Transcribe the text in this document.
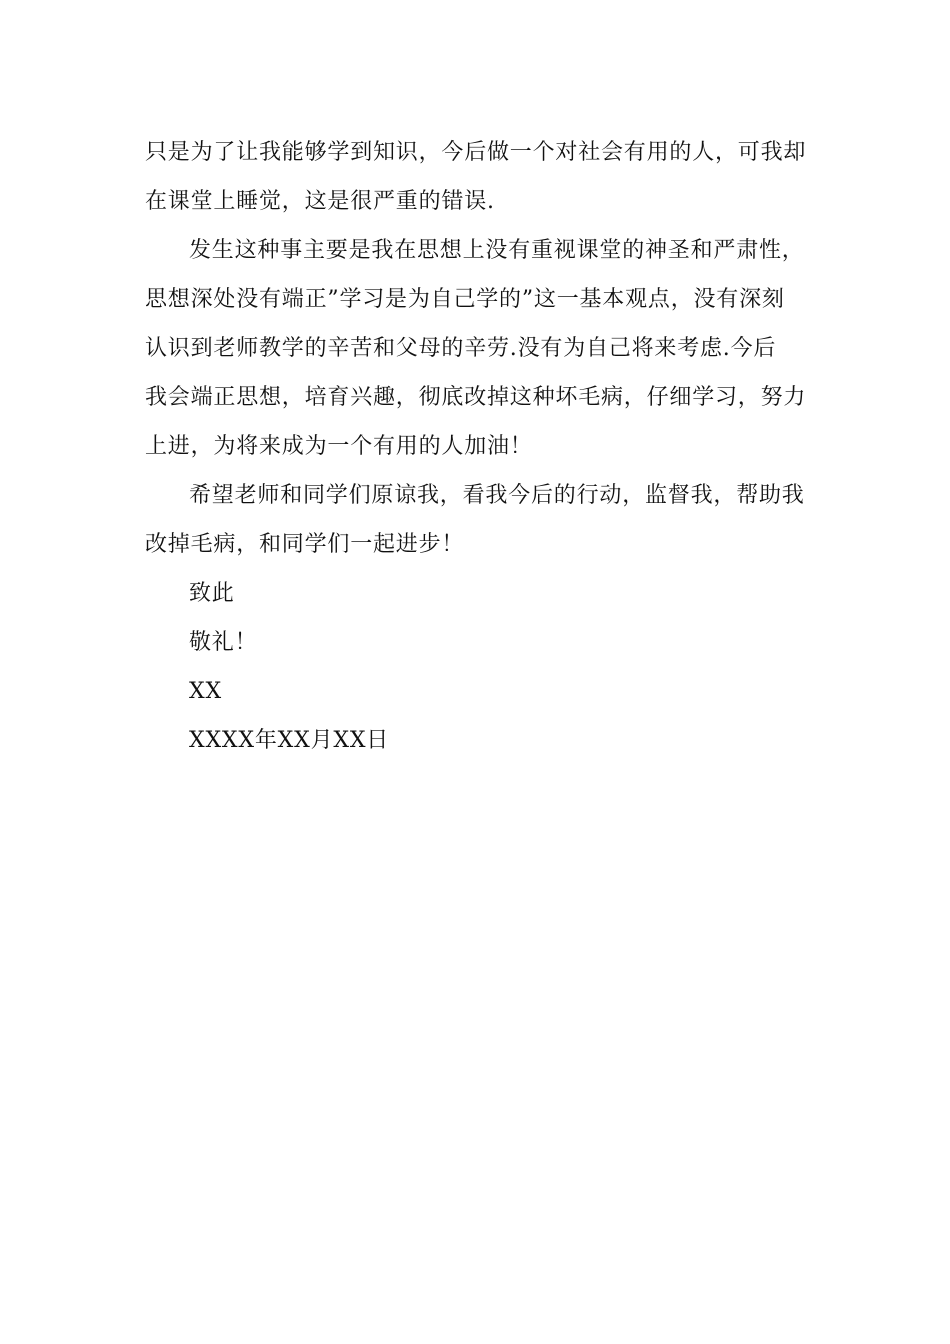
只是为了让我能够学到知识，今后做一个对社会有用的人，可我却
在课堂上睡觉，这是很严重的错误.
发生这种事主要是我在思想上没有重视课堂的神圣和严肃性，
思想深处没有端正”学习是为自己学的”这一基本观点，没有深刻
认识到老师教学的辛苦和父母的辛劳.没有为自己将来考虑.今后
我会端正思想，培育兴趣，彻底改掉这种坏毛病，仔细学习，努力
上进，为将来成为一个有用的人加油！
希望老师和同学们原谅我，看我今后的行动，监督我，帮助我
改掉毛病，和同学们一起进步！
致此
敬礼！
XX
XXXX年XX月XX日
